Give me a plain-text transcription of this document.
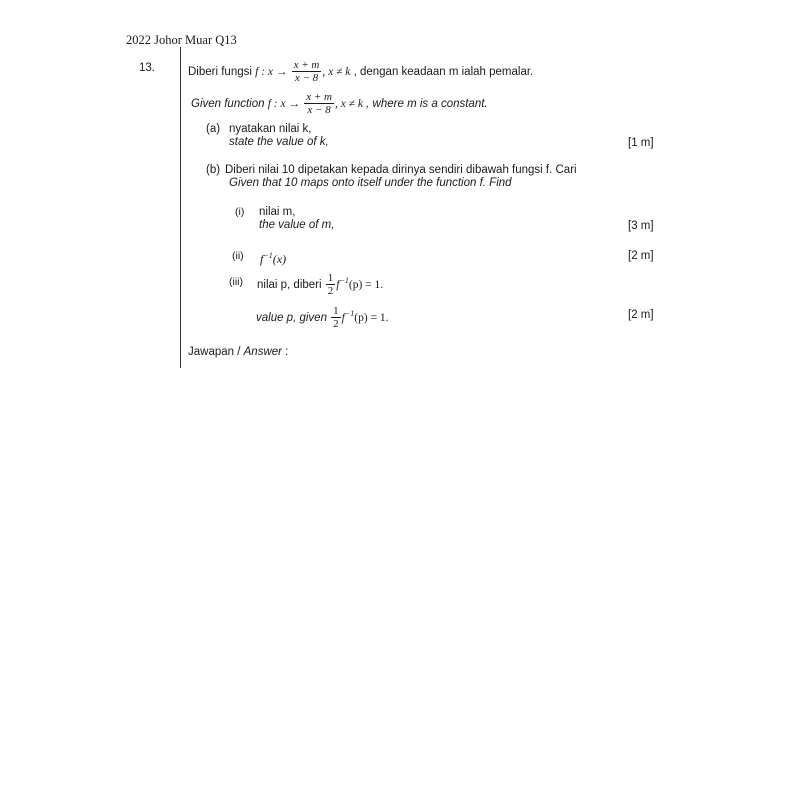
2022 Johor Muar Q13
13.	Diberi fungsi f : $x \to \frac{x + m}{x - 8}$ , x ≠ k , dengan keadaan m ialah pemalar.
Given function f : $x \to \frac{x + m}{x - 8}$ , x ≠ k , where m is a constant.
(a) nyatakan nilai k,
state the value of k,	[1 m]
(b) Diberi nilai 10 dipetakan kepada dirinya sendiri dibawah fungsi f. Cari
Given that 10 maps onto itself under the function f. Find
(i) nilai m,
the value of m,	[3 m]
(ii) $f^{-1}(x)$	[2 m]
(iii) nilai p, diberi $\frac{1}{2} f^{-1}(p) = 1$.
value p, given $\frac{1}{2} f^{-1}(p) = 1$.	[2 m]
Jawapan / Answer :
